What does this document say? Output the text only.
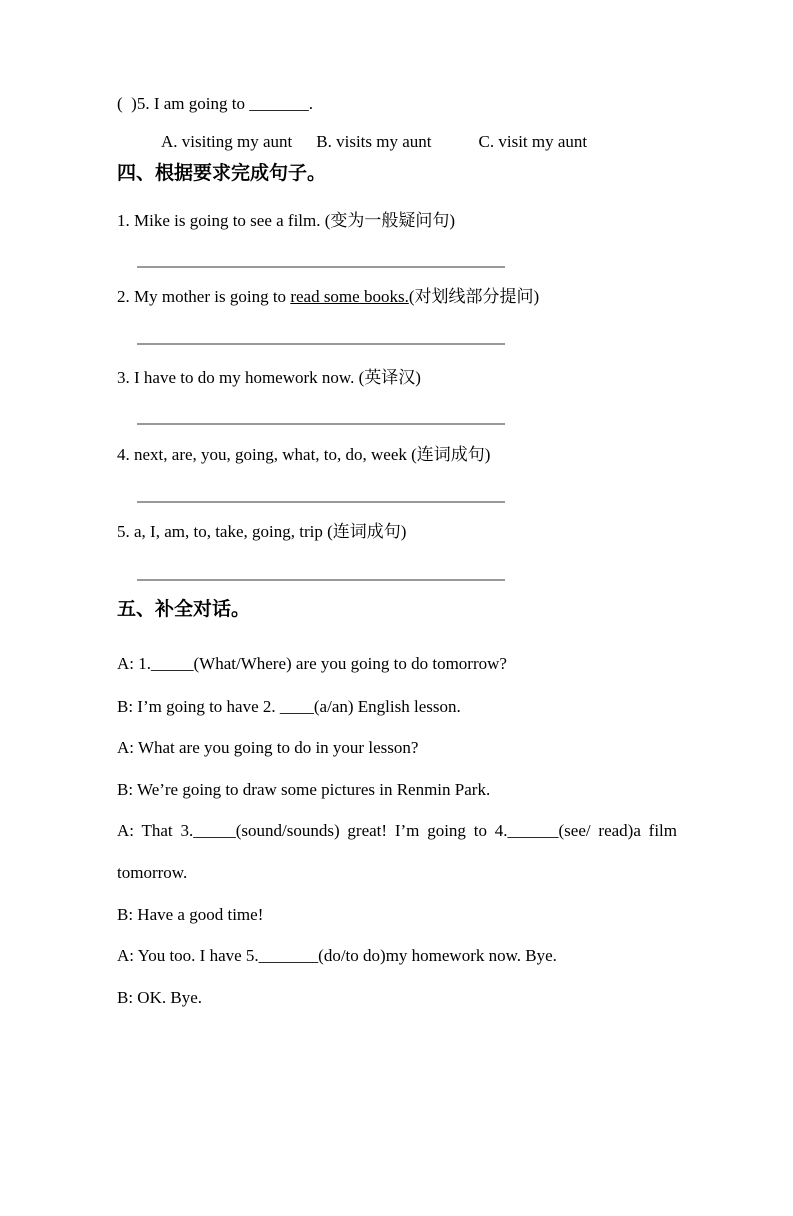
(  )5. I am going to _______.
A. visiting my aunt B. visits my aunt	C. visit my aunt
四、根据要求完成句子。
1. Mike is going to see a film. (变为一般疑问句)
2. My mother is going to read some books.(对划线部分提问)
3. I have to do my homework now. (英译汉)
4. next, are, you, going, what, to, do, week (连词成句)
5. a, I, am, to, take, going, trip (连词成句)
五、补全对话。
A: 1._____(What/Where) are you going to do tomorrow?
B: I’m going to have 2. ____(a/an) English lesson.
A: What are you going to do in your lesson?
B: We’re going to draw some pictures in Renmin Park.
A: That 3._____(sound/sounds) great! I’m going to 4.______(see/ read)a film
tomorrow.
B: Have a good time!
A: You too. I have 5._______(do/to do)my homework now. Bye.
B: OK. Bye.
